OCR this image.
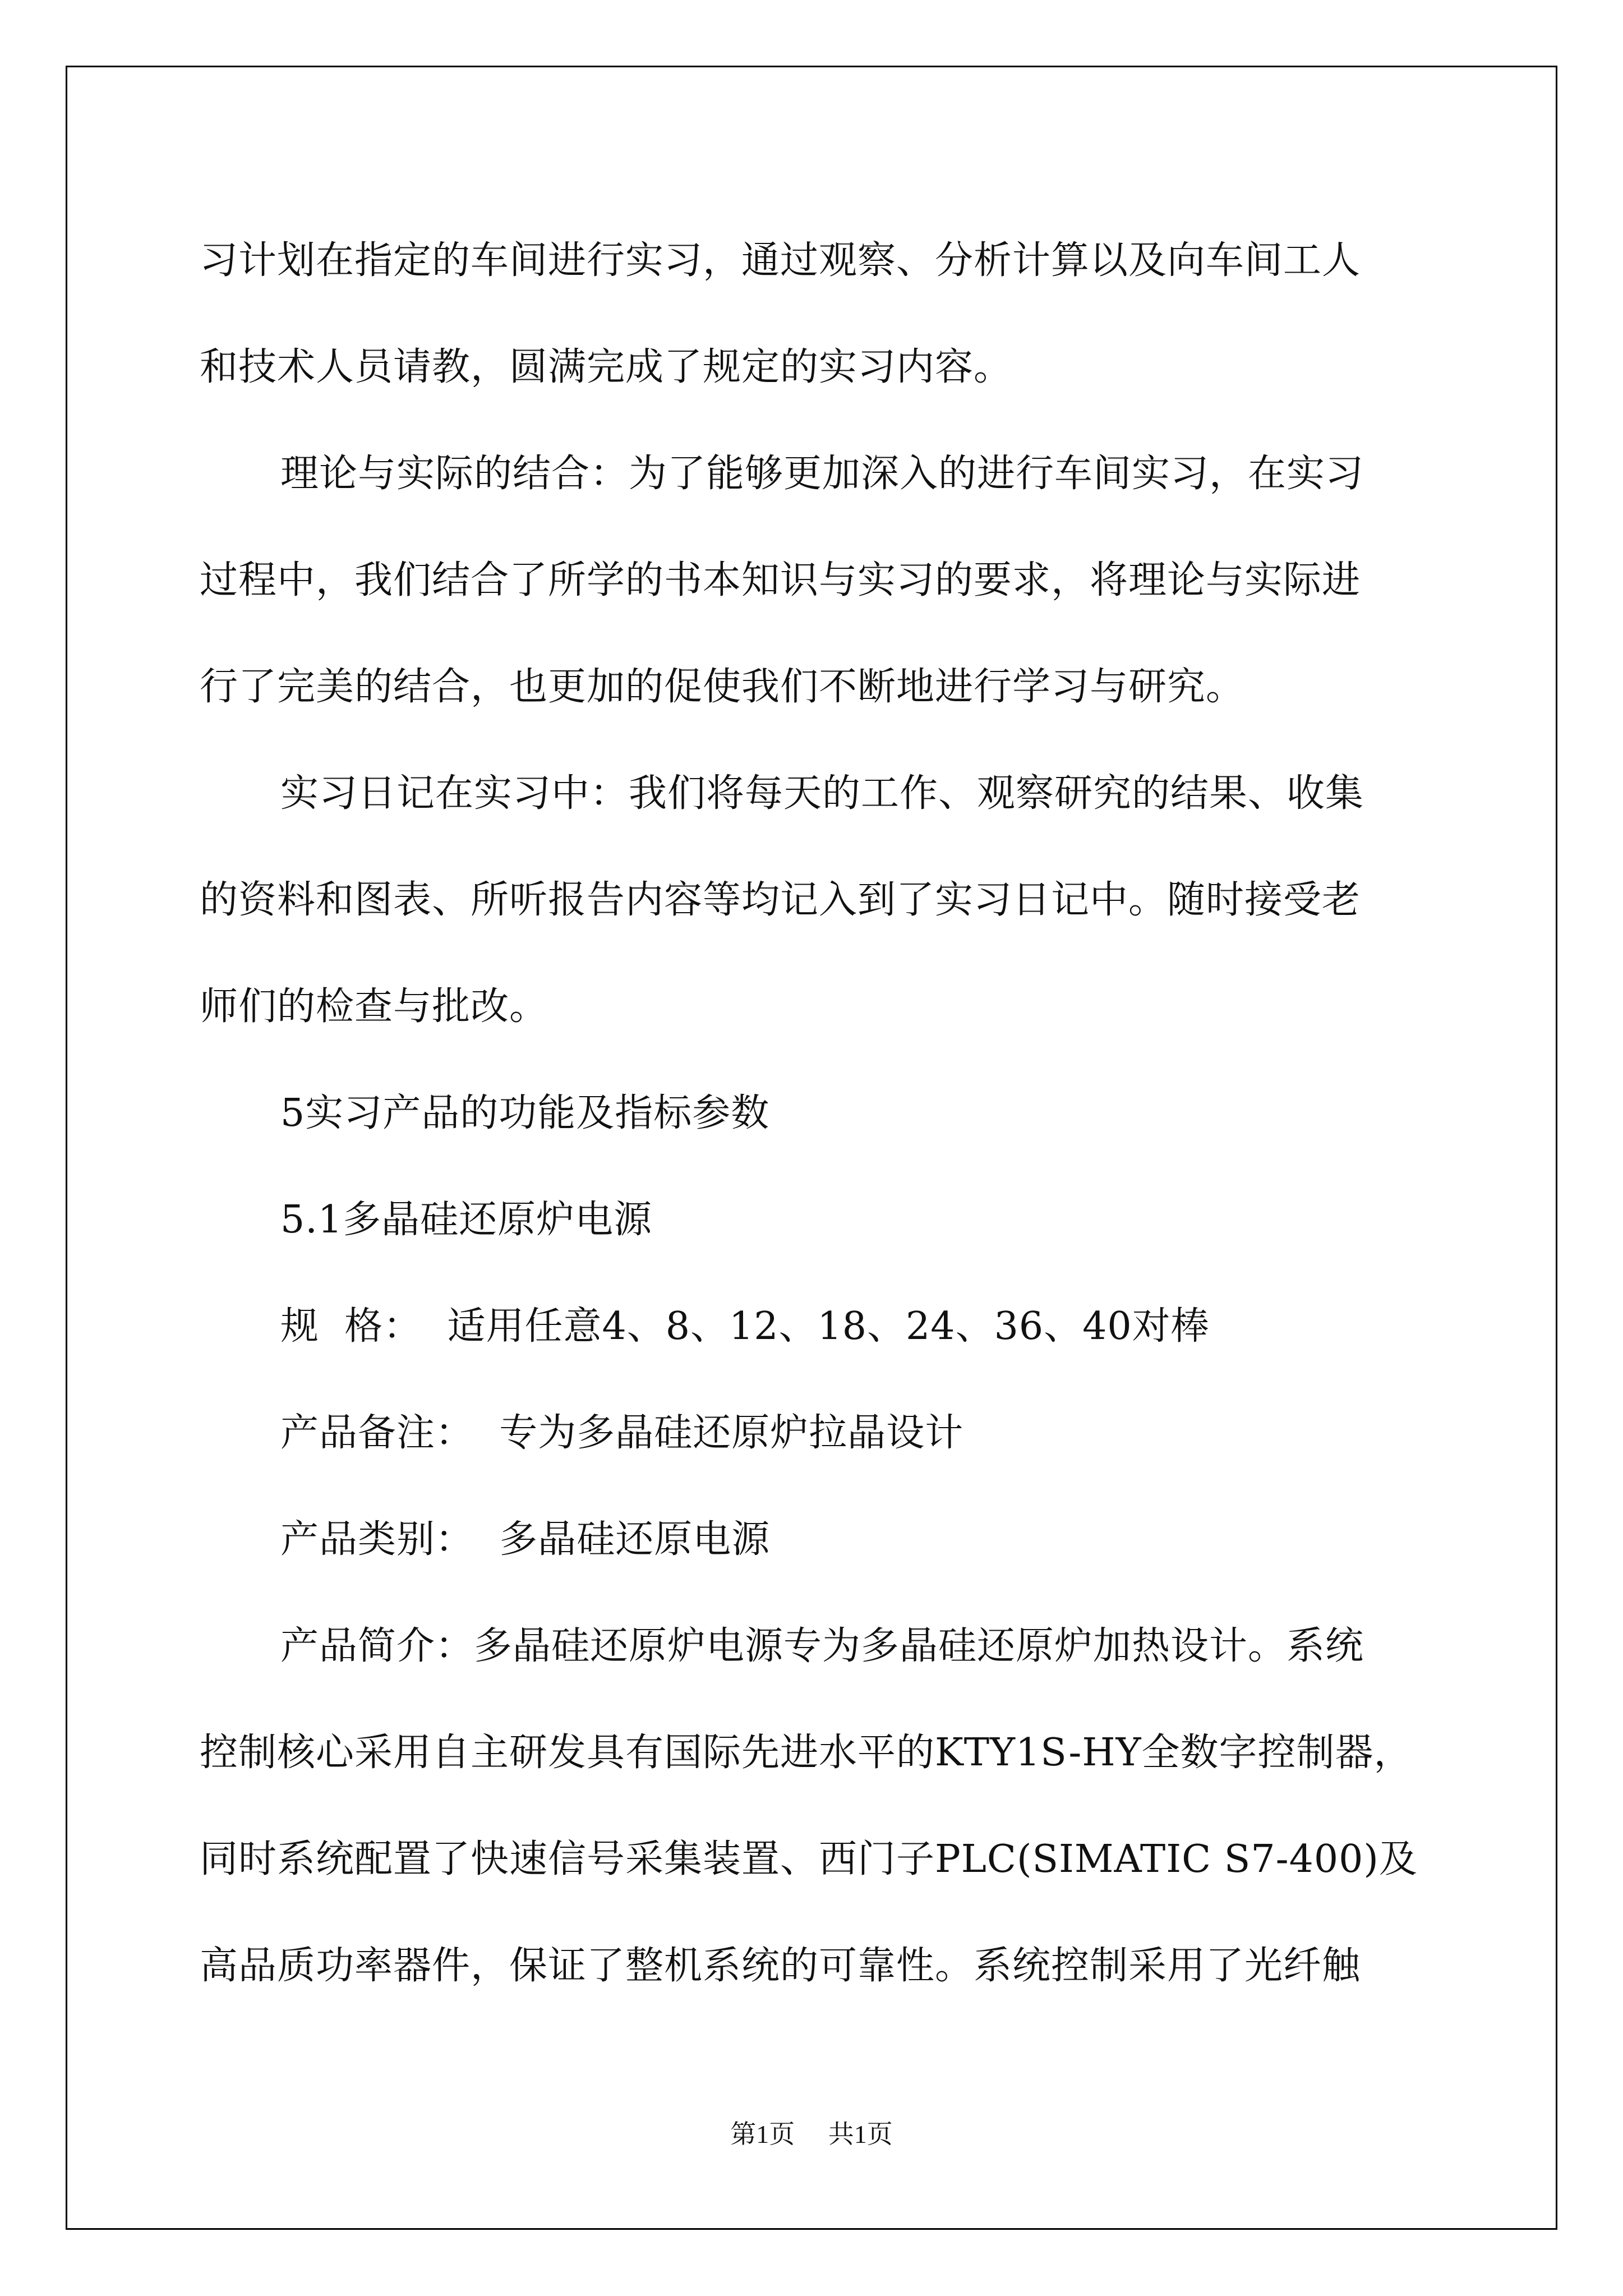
习计划在指定的车间进行实习，通过观察、分析计算以及向车间工人
和技术人员请教，圆满完成了规定的实习内容。
理论与实际的结合：为了能够更加深入的进行车间实习，在实习
过程中，我们结合了所学的书本知识与实习的要求，将理论与实际进
行了完美的结合，也更加的促使我们不断地进行学习与研究。
实习日记在实习中：我们将每天的工作、观察研究的结果、收集
的资料和图表、所听报告内容等均记入到了实习日记中。随时接受老
师们的检查与批改。
5实习产品的功能及指标参数
5.1多晶硅还原炉电源
规  格：  适用任意4、8、12、18、24、36、40对棒
产品备注：  专为多晶硅还原炉拉晶设计
产品类别：  多晶硅还原电源
产品简介：多晶硅还原炉电源专为多晶硅还原炉加热设计。系统
控制核心采用自主研发具有国际先进水平的KTY1S-HY全数字控制器，
同时系统配置了快速信号采集装置、西门子PLC(SIMATIC S7-400)及
高品质功率器件，保证了整机系统的可靠性。系统控制采用了光纤触
第1页 共1页
